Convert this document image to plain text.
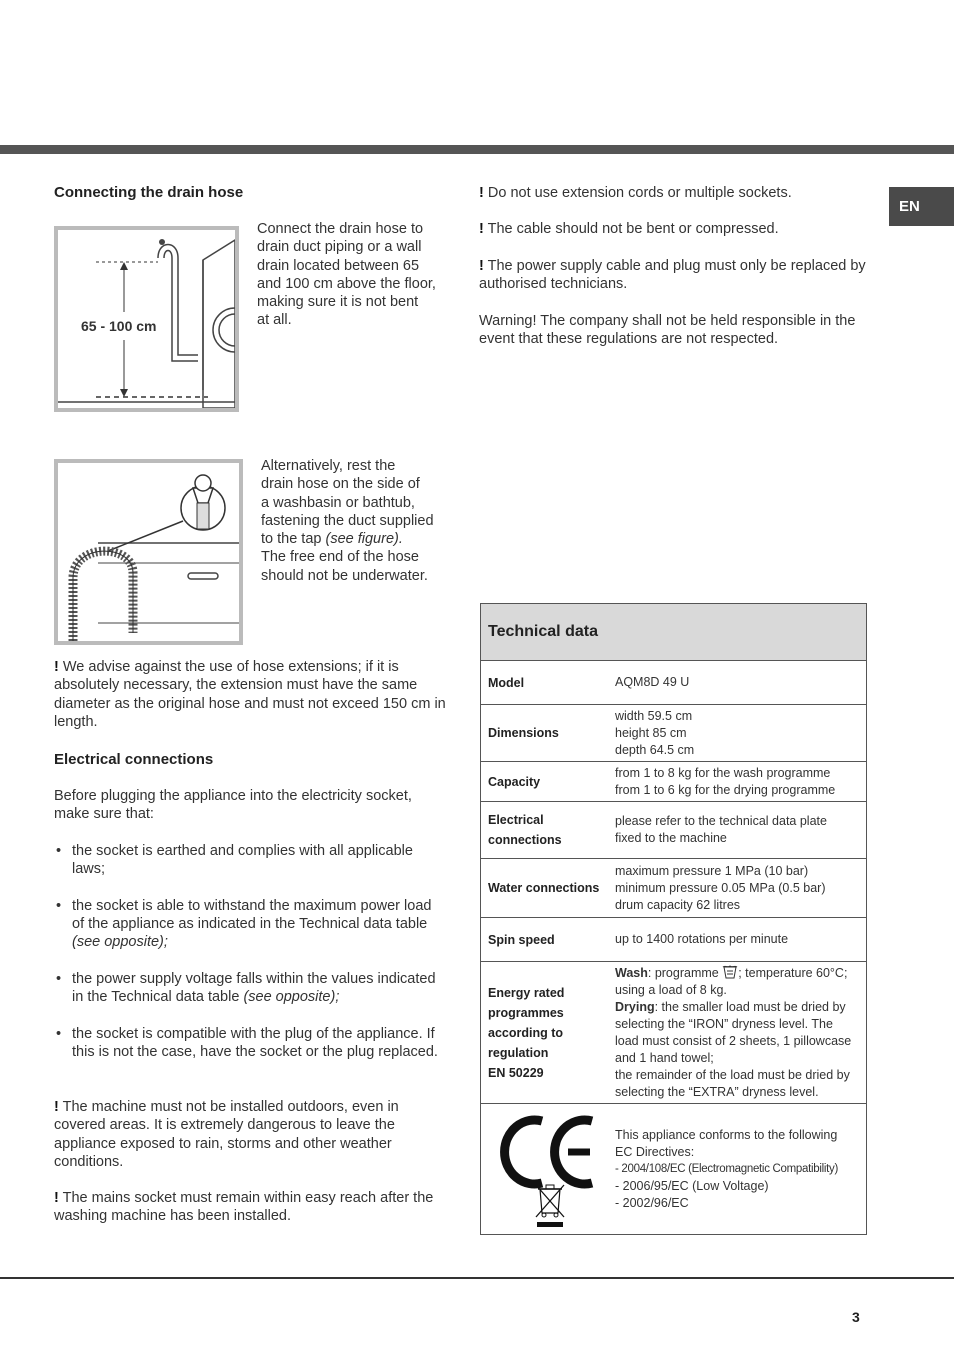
EN
Connecting the drain hose
65 - 100 cm
Connect the drain hose to
drain duct piping or a wall
drain located between 65
and 100 cm above the floor,
making sure it is not bent
at all.
Alternatively, rest the
drain hose on the side of
a washbasin or bathtub,
fastening the duct supplied
to the tap (see figure).
The free end of the hose
should not be underwater.
! We advise against the use of hose extensions; if it is absolutely necessary, the extension must have the same diameter as the original hose and must not exceed 150 cm in length.
Electrical connections
Before plugging the appliance into the electricity socket, make sure that:
• the socket is earthed and complies with all applicable laws;
• the socket is able to withstand the maximum power load of the appliance as indicated in the Technical data table (see opposite);
• the power supply voltage falls within the values indicated in the Technical data table (see opposite);
• the socket is compatible with the plug of the appliance. If this is not the case, have the socket or the plug replaced.
! The machine must not be installed outdoors, even in covered areas. It is extremely dangerous to leave the appliance exposed to rain, storms and other weather conditions.
! The mains socket must remain within easy reach after the washing machine has been installed.
! Do not use extension cords or multiple sockets.
! The cable should not be bent or compressed.
! The power supply cable and plug must only be replaced by authorised technicians.
Warning! The company shall not be held responsible in the event that these regulations are not respected.
Technical data
Model	AQM8D 49 U
Dimensions
width 59.5 cm
height 85 cm
depth 64.5 cm
Capacity
from 1 to 8 kg for the wash programme
from 1 to 6 kg for the drying programme
Electrical
connections
please refer to the technical data plate
fixed to the machine
Water connections
maximum pressure 1 MPa (10 bar)
minimum pressure 0.05 MPa (0.5 bar)
drum capacity 62 litres
Spin speed	up to 1400 rotations per minute
Energy rated
programmes
according to
regulation
EN 50229
Wash: programme ; temperature 60°C;
using a load of 8 kg.
Drying: the smaller load must be dried by
selecting the “IRON” dryness level. The
load must consist of 2 sheets, 1 pillowcase
and 1 hand towel;
the remainder of the load must be dried by
selecting the “EXTRA” dryness level.
This appliance conforms to the following
EC Directives:
- 2004/108/EC (Electromagnetic Compatibility)
- 2006/95/EC (Low Voltage)
- 2002/96/EC
3
